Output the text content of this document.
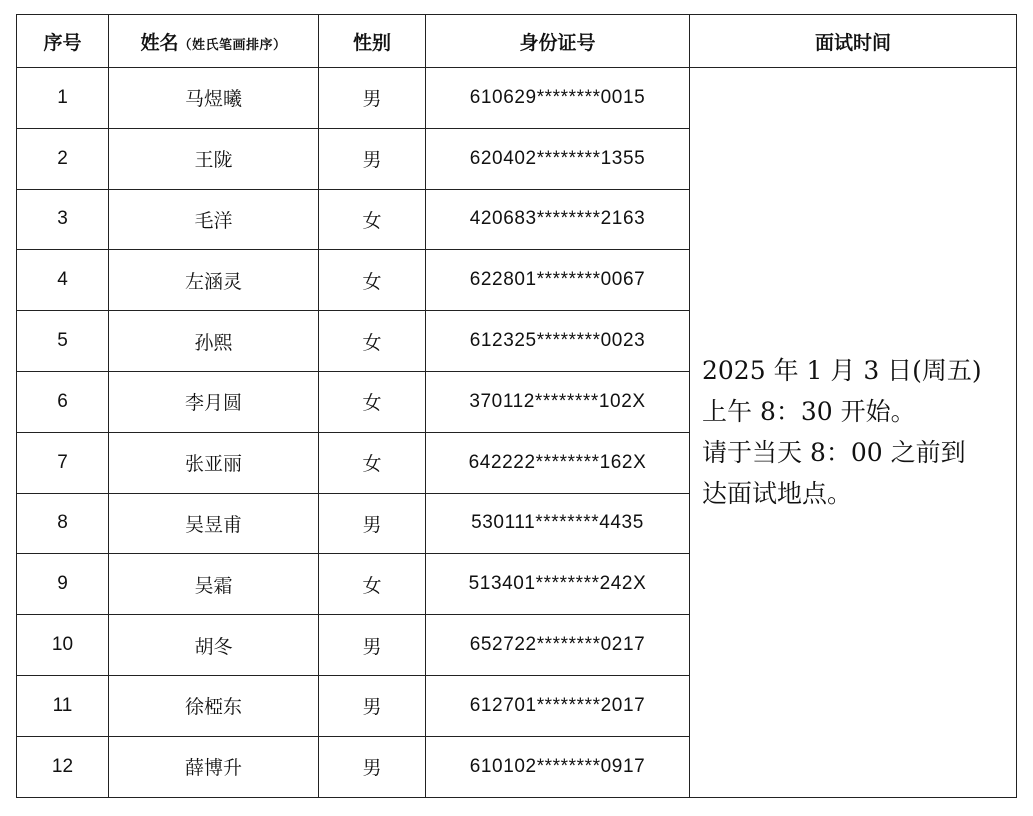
序号	姓名（姓氏笔画排序）	性别	身份证号	面试时间
1	马煜曦	男	610629********0015	2025 年 1 月 3 日(周五)
上午 8：30 开始。
请于当天 8：00 之前到
达面试地点。

2	王陇	男	620402********1355	
3	毛洋	女	420683********2163	
4	左涵灵	女	622801********0067	
5	孙熙	女	612325********0023	
6	李月圆	女	370112********102X	
7	张亚丽	女	642222********162X	
8	吴昱甫	男	530111********4435	
9	吴霜	女	513401********242X	
10	胡冬	男	652722********0217	
11	徐椏东	男	612701********2017	
12	薛博升	男	610102********0917	
